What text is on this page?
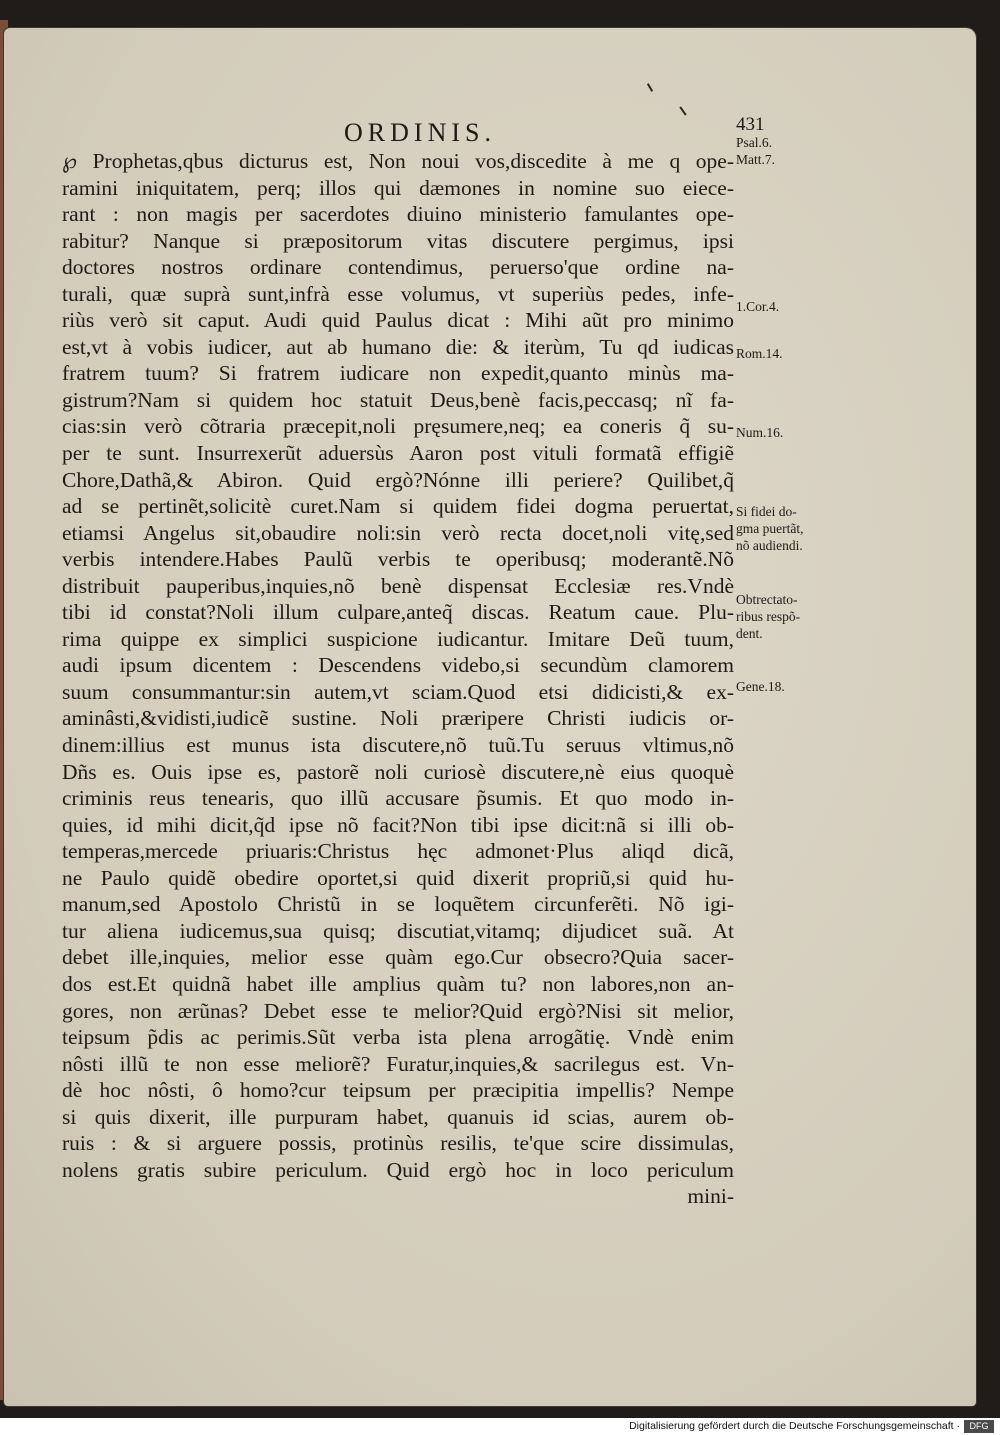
ORDINIS.	431
℘ Prophetas,qbus dicturus est, Non noui vos,discedite à me q ope-
ramini iniquitatem, perq; illos qui dæmones in nomine suo eiece-
rant : non magis per sacerdotes diuino ministerio famulantes ope-
rabitur? Nanque si præpositorum vitas discutere pergimus, ipsi
doctores nostros ordinare contendimus, peruerso'que ordine na-
turali, quæ suprà sunt,infrà esse volumus, vt superiùs pedes, infe-
riùs verò sit caput. Audi quid Paulus dicat : Mihi aũt pro minimo
est,vt à vobis iudicer, aut ab humano die: & iterùm, Tu qd iudicas
fratrem tuum? Si fratrem iudicare non expedit,quanto minùs ma-
gistrum?Nam si quidem hoc statuit Deus,benè facis,peccasq; nĩ fa-
cias:sin verò cõtraria præcepit,noli pręsumere,neq; ea coneris q̃ su-
per te sunt. Insurrexerũt aduersùs Aaron post vituli formatã effigiẽ
Chore,Dathã,& Abiron. Quid ergò?Nónne illi periere? Quilibet,q̃
ad se pertinẽt,solicitè curet.Nam si quidem fidei dogma peruertat,
etiamsi Angelus sit,obaudire noli:sin verò recta docet,noli vitę,sed
verbis intendere.Habes Paulũ verbis te operibusq; moderantẽ.Nõ
distribuit pauperibus,inquies,nõ benè dispensat Ecclesiæ res.Vndè
tibi id constat?Noli illum culpare,anteq̃ discas. Reatum caue. Plu-
rima quippe ex simplici suspicione iudicantur. Imitare Deũ tuum,
audi ipsum dicentem : Descendens videbo,si secundùm clamorem
suum consummantur:sin autem,vt sciam.Quod etsi didicisti,& ex-
aminâsti,&vidisti,iudicẽ sustine. Noli præripere Christi iudicis or-
dinem:illius est munus ista discutere,nõ tuũ.Tu seruus vltimus,nõ
Dñs es. Ouis ipse es, pastorẽ noli curiosè discutere,nè eius quoquè
criminis reus tenearis, quo illũ accusare p̃sumis. Et quo modo in-
quies, id mihi dicit,q̃d ipse nõ facit?Non tibi ipse dicit:nã si illi ob-
temperas,mercede priuaris:Christus hęc admonet·Plus aliqd dicã,
ne Paulo quidẽ obedire oportet,si quid dixerit propriũ,si quid hu-
manum,sed Apostolo Christũ in se loquẽtem circunferẽti. Nõ igi-
tur aliena iudicemus,sua quisq; discutiat,vitamq; dijudicet suã. At
debet ille,inquies, melior esse quàm ego.Cur obsecro?Quia sacer-
dos est.Et quidnã habet ille amplius quàm tu? non labores,non an-
gores, non ærũnas? Debet esse te melior?Quid ergò?Nisi sit melior,
teipsum p̃dis ac perimis.Sũt verba ista plena arrogãtię. Vndè enim
nôsti illũ te non esse meliorẽ? Furatur,inquies,& sacrilegus est. Vn-
dè hoc nôsti, ô homo?cur teipsum per præcipitia impellis? Nempe
si quis dixerit, ille purpuram habet, quanuis id scias, aurem ob-
ruis : & si arguere possis, protinùs resilis, te'que scire dissimulas,
nolens gratis subire periculum. Quid ergò hoc in loco periculum
mini-
Psal.6.
Matt.7.
1.Cor.4.
Rom.14.
Num.16.
Si fidei do-
gma puertãt,
nõ audiendi.
Obtrectato-
ribus respõ-
dent.
Gene.18.
Digitalisierung gefördert durch die Deutsche Forschungsgemeinschaft ·	DFG
